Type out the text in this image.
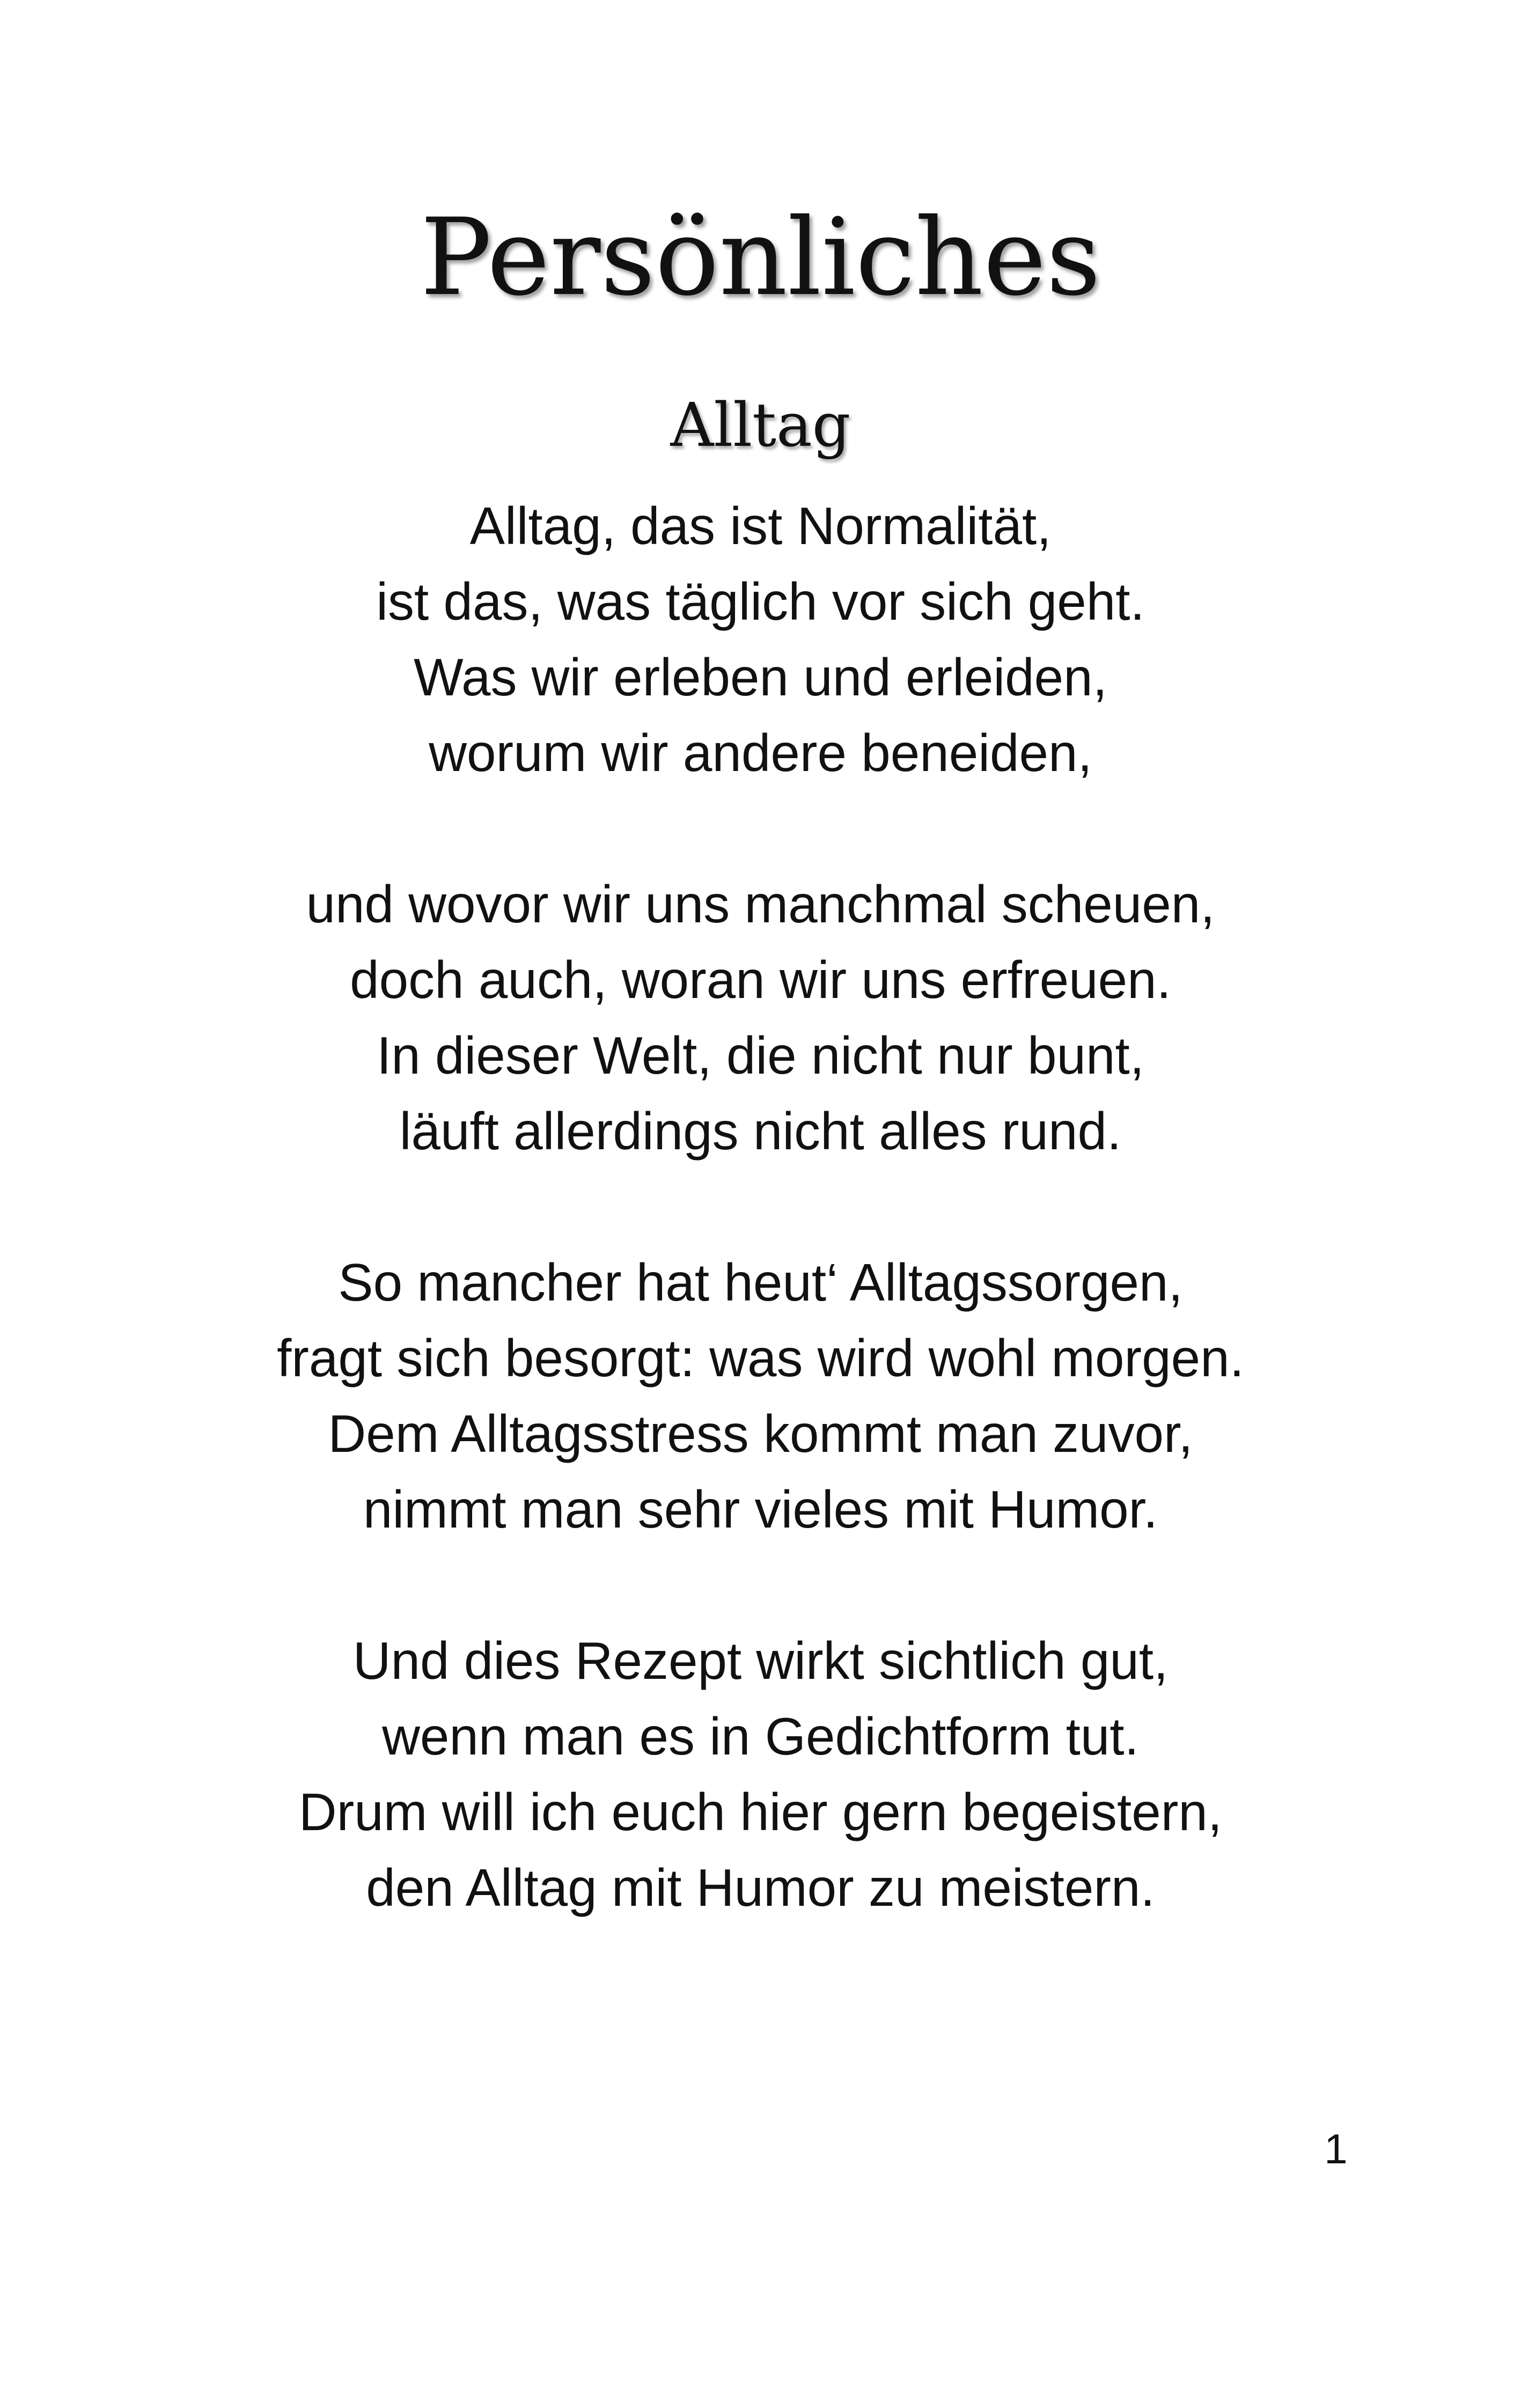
Persönliches
Alltag
Alltag, das ist Normalität,
ist das, was täglich vor sich geht.
Was wir erleben und erleiden,
worum wir andere beneiden,
und wovor wir uns manchmal scheuen,
doch auch, woran wir uns erfreuen.
In dieser Welt, die nicht nur bunt,
läuft allerdings nicht alles rund.
So mancher hat heut‘ Alltagssorgen,
fragt sich besorgt: was wird wohl morgen.
Dem Alltagsstress kommt man zuvor,
nimmt man sehr vieles mit Humor.
Und dies Rezept wirkt sichtlich gut,
wenn man es in Gedichtform tut.
Drum will ich euch hier gern begeistern,
den Alltag mit Humor zu meistern.
1
